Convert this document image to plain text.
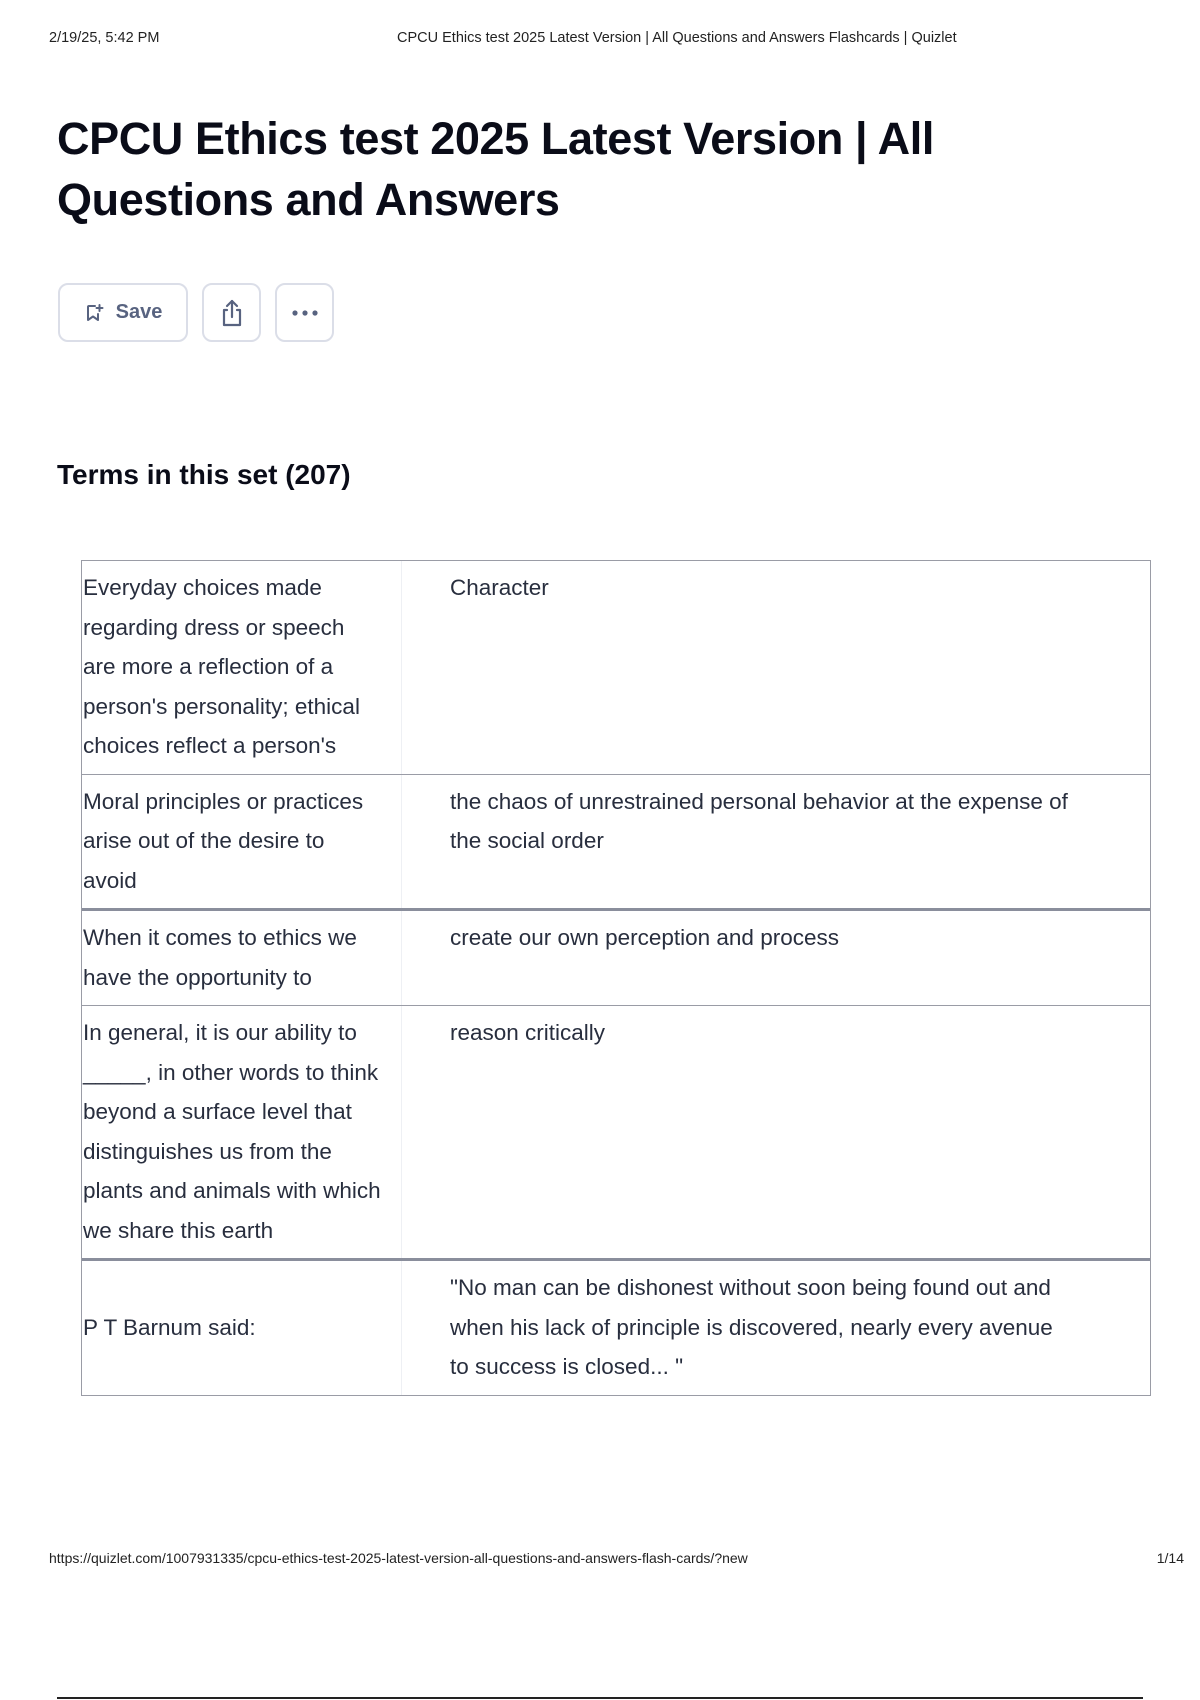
2/19/25, 5:42 PM	CPCU Ethics test 2025 Latest Version | All Questions and Answers Flashcards | Quizlet
CPCU Ethics test 2025 Latest Version | All Questions and Answers
Save
Terms in this set (207)
Everyday choices made regarding dress or speech are more a reflection of a person's personality; ethical choices reflect a person's
Character
Moral principles or practices arise out of the desire to avoid
the chaos of unrestrained personal behavior at the expense of the social order
When it comes to ethics we have the opportunity to
create our own perception and process
In general, it is our ability to _____, in other words to think beyond a surface level that distinguishes us from the plants and animals with which we share this earth
reason critically
P T Barnum said:
"No man can be dishonest without soon being found out and when his lack of principle is discovered, nearly every avenue to success is closed... "
https://quizlet.com/1007931335/cpcu-ethics-test-2025-latest-version-all-questions-and-answers-flash-cards/?new	1/14
